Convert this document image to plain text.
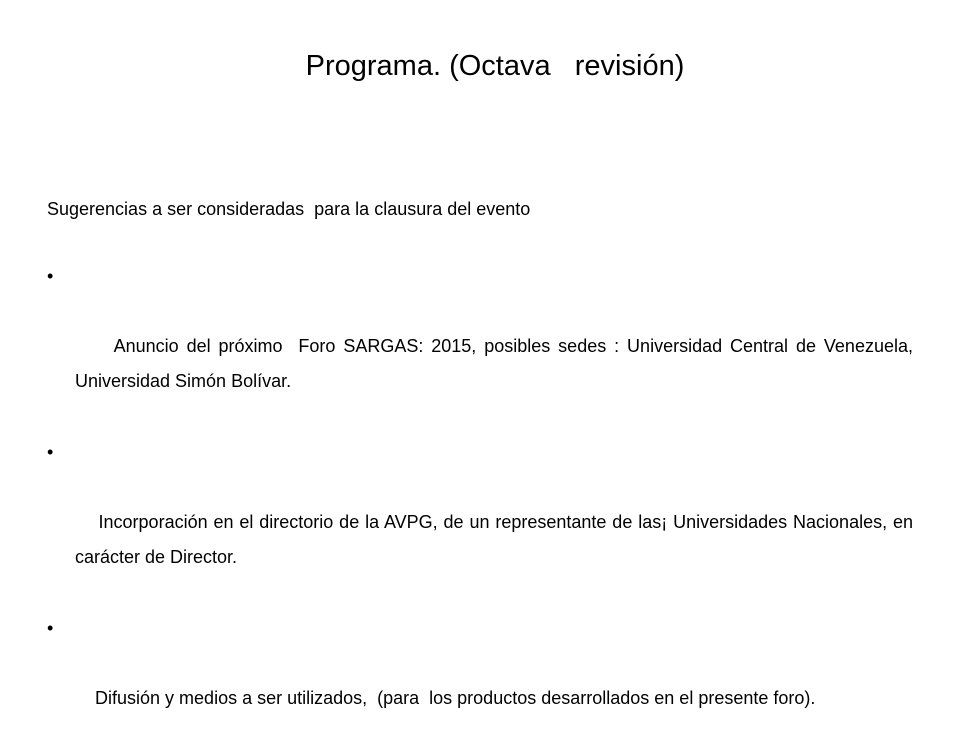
Programa. (Octava   revisión)

Sugerencias a ser consideradas  para la clausura del evento

•

Anuncio del próximo  Foro SARGAS: 2015, posibles sedes : Universidad Central de Venezuela, Universidad Simón Bolívar.

•

Incorporación en el directorio de la AVPG, de un representante de las¡ Universidades Nacionales, en carácter de Director.

•

Difusión y medios a ser utilizados,  (para  los productos desarrollados en el presente foro).
